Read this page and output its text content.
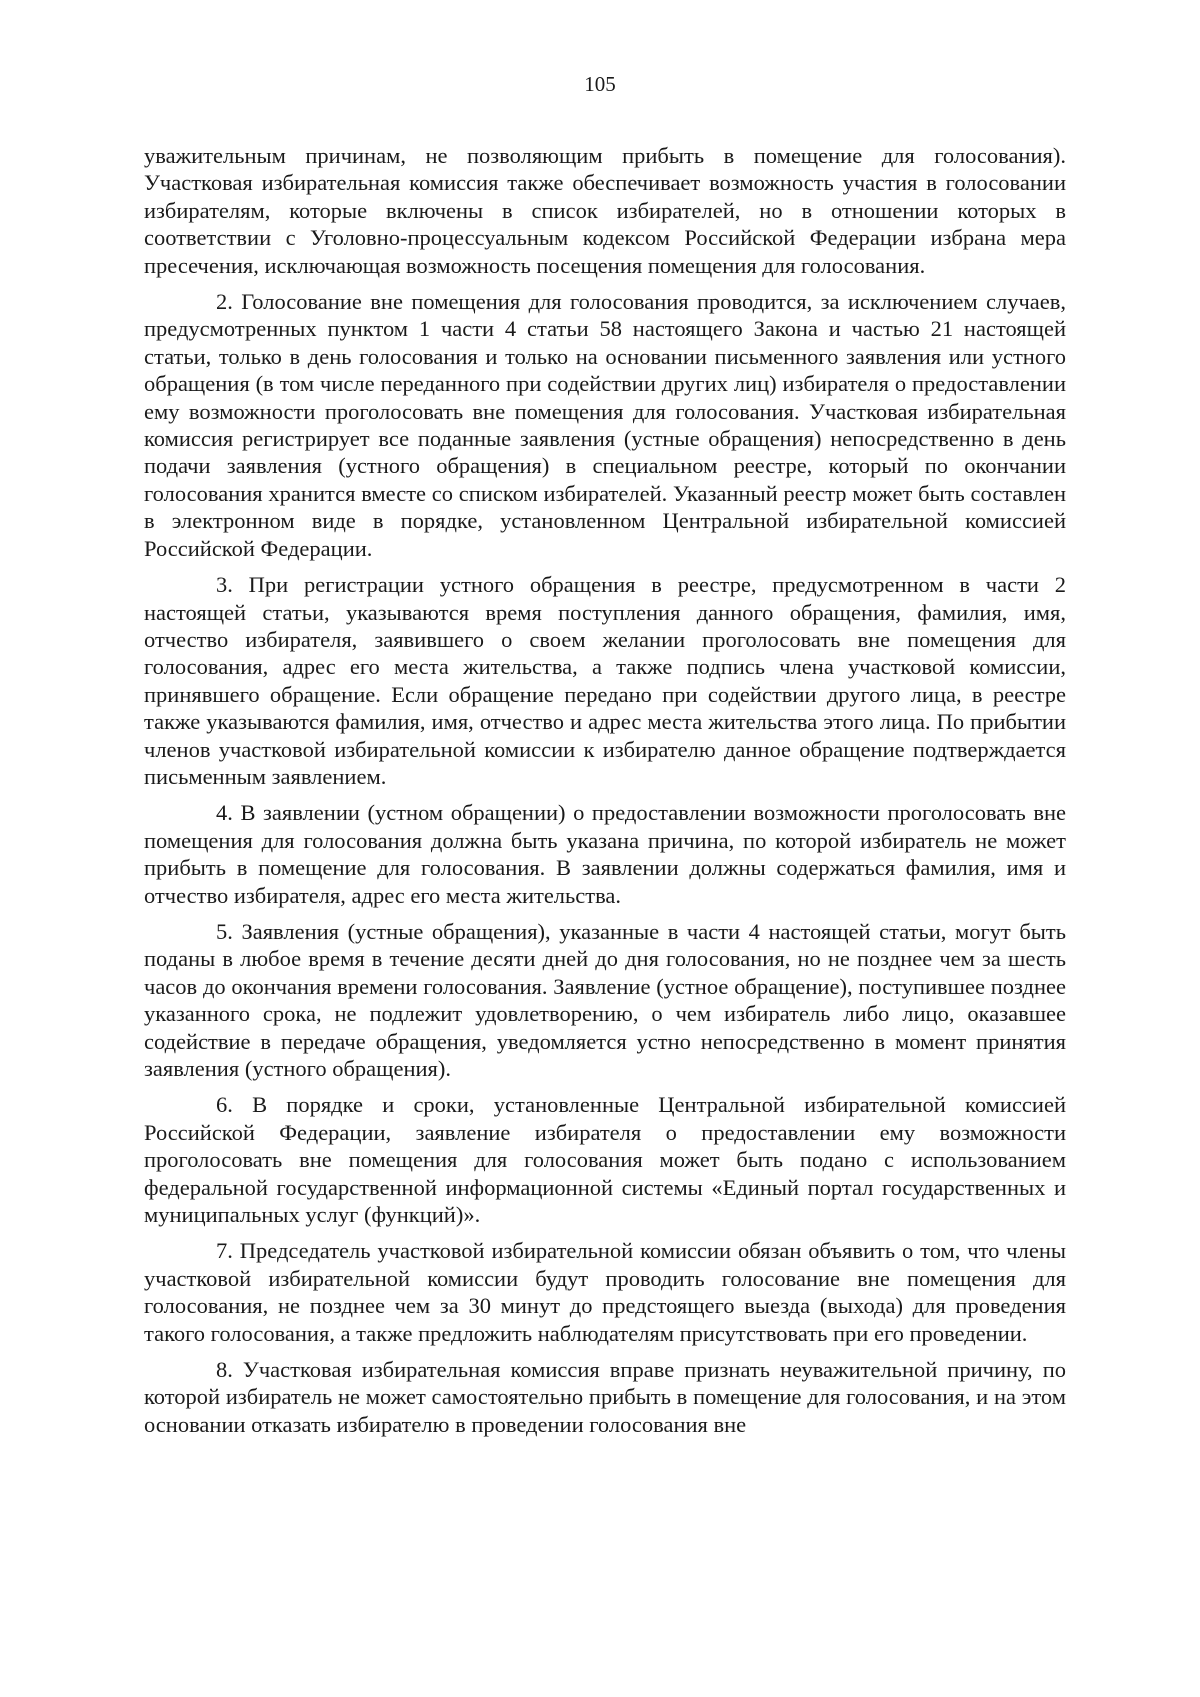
105

уважительным причинам, не позволяющим прибыть в помещение для голосования). Участковая избирательная комиссия также обеспечивает возможность участия в голосовании избирателям, которые включены в список избирателей, но в отношении которых в соответствии с Уголовно-процессуальным кодексом Российской Федерации избрана мера пресечения, исключающая возможность посещения помещения для голосования.

2. Голосование вне помещения для голосования проводится, за исключением случаев, предусмотренных пунктом 1 части 4 статьи 58 настоящего Закона и частью 21 настоящей статьи, только в день голосования и только на основании письменного заявления или устного обращения (в том числе переданного при содействии других лиц) избирателя о предоставлении ему возможности проголосовать вне помещения для голосования. Участковая избирательная комиссия регистрирует все поданные заявления (устные обращения) непосредственно в день подачи заявления (устного обращения) в специальном реестре, который по окончании голосования хранится вместе со списком избирателей. Указанный реестр может быть составлен в электронном виде в порядке, установленном Центральной избирательной комиссией Российской Федерации.

3. При регистрации устного обращения в реестре, предусмотренном в части 2 настоящей статьи, указываются время поступления данного обращения, фамилия, имя, отчество избирателя, заявившего о своем желании проголосовать вне помещения для голосования, адрес его места жительства, а также подпись члена участковой комиссии, принявшего обращение. Если обращение передано при содействии другого лица, в реестре также указываются фамилия, имя, отчество и адрес места жительства этого лица. По прибытии членов участковой избирательной комиссии к избирателю данное обращение подтверждается письменным заявлением.

4. В заявлении (устном обращении) о предоставлении возможности проголосовать вне помещения для голосования должна быть указана причина, по которой избиратель не может прибыть в помещение для голосования. В заявлении должны содержаться фамилия, имя и отчество избирателя, адрес его места жительства.

5. Заявления (устные обращения), указанные в части 4 настоящей статьи, могут быть поданы в любое время в течение десяти дней до дня голосования, но не позднее чем за шесть часов до окончания времени голосования. Заявление (устное обращение), поступившее позднее указанного срока, не подлежит удовлетворению, о чем избиратель либо лицо, оказавшее содействие в передаче обращения, уведомляется устно непосредственно в момент принятия заявления (устного обращения).

6. В порядке и сроки, установленные Центральной избирательной комиссией Российской Федерации, заявление избирателя о предоставлении ему возможности проголосовать вне помещения для голосования может быть подано с использованием федеральной государственной информационной системы «Единый портал государственных и муниципальных услуг (функций)».

7. Председатель участковой избирательной комиссии обязан объявить о том, что члены участковой избирательной комиссии будут проводить голосование вне помещения для голосования, не позднее чем за 30 минут до предстоящего выезда (выхода) для проведения такого голосования, а также предложить наблюдателям присутствовать при его проведении.

8. Участковая избирательная комиссия вправе признать неуважительной причину, по которой избиратель не может самостоятельно прибыть в помещение для голосования, и на этом основании отказать избирателю в проведении голосования вне
